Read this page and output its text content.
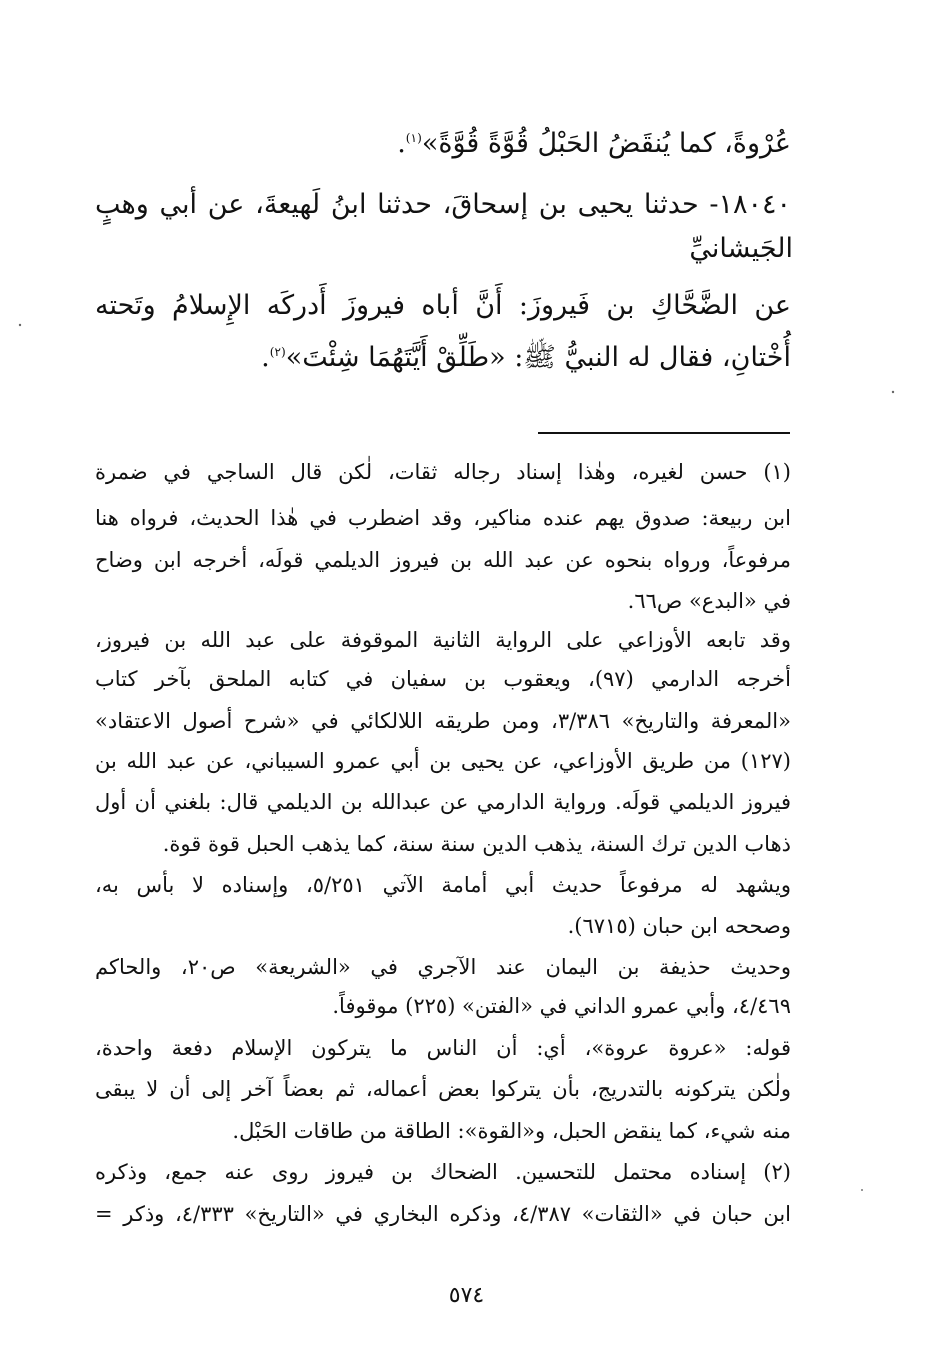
عُرْوةً، كما يُنقَضُ الحَبْلُ قُوَّةً قُوَّةً»$^{(١)}$.

١٨٠٤٠- حدثنا يحيى بن إسحاقَ، حدثنا ابنُ لَهيعةَ، عن أبي وهبٍ

الجَيشانيِّ

عن الضَّحَّاكِ بن فَيروزَ: أَنَّ أباه فيروزَ أَدركَه الإِسلامُ وتَحته

أُخْتانِ، فقال له النبيُّ ﷺ: «طَلِّقْ أَيَّتَهُمَا شِئْتَ»$^{(٢)}$.

(١) حسن لغيره، وهٰذا إسناد رجاله ثقات، لٰكن قال الساجي في ضمرة

ابن ربيعة: صدوق يهم عنده مناكير، وقد اضطرب في هٰذا الحديث، فرواه هنا

مرفوعاً، ورواه بنحوه عن عبد الله بن فيروز الديلمي قولَه، أخرجه ابن وضاح

في «البدع» ص٦٦.

وقد تابعه الأوزاعي على الرواية الثانية الموقوفة على عبد الله بن فيروز،

أخرجه الدارمي (٩٧)، ويعقوب بن سفيان في كتابه الملحق بآخر كتاب

«المعرفة والتاريخ» ٣/٣٨٦، ومن طريقه اللالكائي في «شرح أصول الاعتقاد»

(١٢٧) من طريق الأوزاعي، عن يحيى بن أبي عمرو السيباني، عن عبد الله بن

فيروز الديلمي قولَه. ورواية الدارمي عن عبدالله بن الديلمي قال: بلغني أن أول

ذهاب الدين ترك السنة، يذهب الدين سنة سنة، كما يذهب الحبل قوة قوة.

ويشهد له مرفوعاً حديث أبي أمامة الآتي ٥/٢٥١، وإسناده لا بأس به،

وصححه ابن حبان (٦٧١٥).

وحديث حذيفة بن اليمان عند الآجري في «الشريعة» ص٢٠، والحاكم

٤/٤٦٩، وأبي عمرو الداني في «الفتن» (٢٢٥) موقوفاً.

قوله: «عروة عروة»، أي: أن الناس ما يتركون الإسلام دفعة واحدة،

ولٰكن يتركونه بالتدريج، بأن يتركوا بعض أعماله، ثم بعضاً آخر إلى أن لا يبقى

منه شيء، كما ينقض الحبل، و«القوة»: الطاقة من طاقات الحَبْل.

(٢) إسناده محتمل للتحسين. الضحاك بن فيروز روى عنه جمع، وذكره

ابن حبان في «الثقات» ٤/٣٨٧، وذكره البخاري في «التاريخ» ٤/٣٣٣، وذكر =

٥٧٤
